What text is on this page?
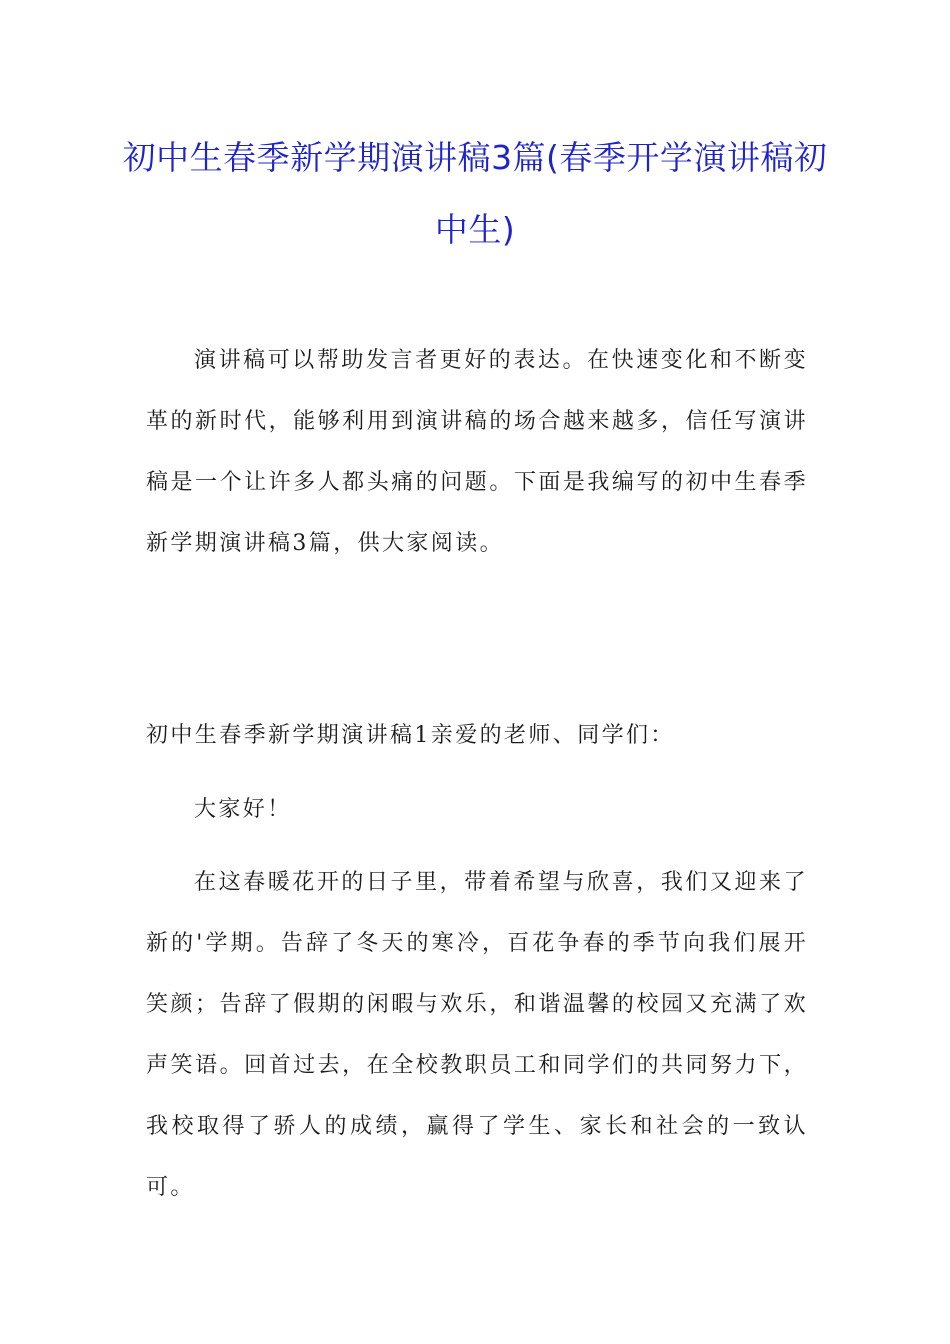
初中生春季新学期演讲稿3篇(春季开学演讲稿初中生)

演讲稿可以帮助发言者更好的表达。在快速变化和不断变革的新时代，能够利用到演讲稿的场合越来越多，信任写演讲稿是一个让许多人都头痛的问题。下面是我编写的初中生春季新学期演讲稿3篇，供大家阅读。

初中生春季新学期演讲稿1亲爱的老师、同学们：

大家好！

在这春暖花开的日子里，带着希望与欣喜，我们又迎来了新的'学期。告辞了冬天的寒冷，百花争春的季节向我们展开笑颜；告辞了假期的闲暇与欢乐，和谐温馨的校园又充满了欢声笑语。回首过去，在全校教职员工和同学们的共同努力下，我校取得了骄人的成绩，赢得了学生、家长和社会的一致认可。
